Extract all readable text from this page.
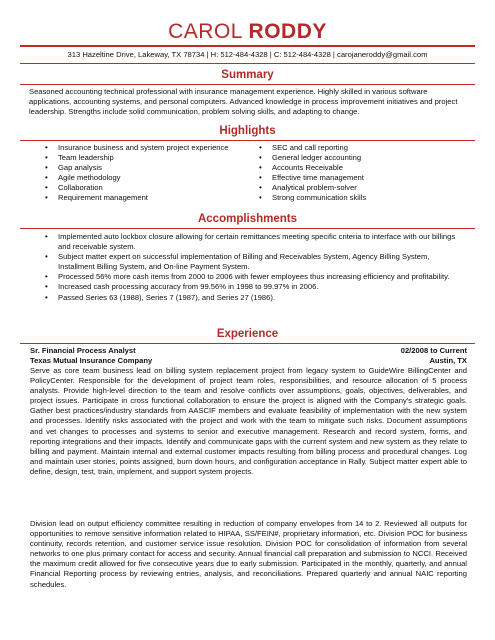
CAROL RODDY
313 Hazeltine Drive, Lakeway, TX 78734 | H: 512-484-4328 | C: 512-484-4328 | carojaneroddy@gmail.com
Summary
Seasoned accounting technical professional with insurance management experience. Highly skilled in various software applications, accounting systems, and personal computers. Advanced knowledge in process improvement initiatives and project leadership. Strengths include solid communication, problem solving skills, and adapting to change.
Highlights
• Insurance business and system project experience
• Team leadership
• Gap analysis
• Agile methodology
• Collaboration
• Requirement management
• SEC and call reporting
• General ledger accounting
• Accounts Receivable
• Effective time management
• Analytical problem-solver
• Strong communication skills
Accomplishments
• Implemented auto lockbox closure allowing for certain remittances meeting specific criteria to interface with our billings and receivable system.
• Subject matter expert on successful implementation of Billing and Receivables System, Agency Billing System, Installment Billing System, and On-line Payment System.
• Processed 56% more cash items from 2000 to 2006 with fewer employees thus increasing efficiency and profitability.
• Increased cash processing accuracy from 99.56% in 1998 to 99.97% in 2006.
• Passed Series 63 (1988), Series 7 (1987), and Series 27 (1986).
Experience
Sr. Financial Process Analyst	02/2008 to Current
Texas Mutual Insurance Company	Austin, TX
Serve as core team business lead on billing system replacement project from legacy system to GuideWire BillingCenter and PolicyCenter. Responsible for the development of project team roles, responsibilities, and resource allocation of 5 process analysts. Provide high-level direction to the team and resolve conflicts over assumptions, goals, objectives, deliverables, and project issues. Participate in cross functional collaboration to ensure the project is aligned with the Company's strategic goals. Gather best practices/industry standards from AASCIF members and evaluate feasibility of implementation with the new system and processes. Identify risks associated with the project and work with the team to mitigate such risks. Document assumptions and vet changes to processes and systems to senior and executive management. Research and record system, forms, and reporting integrations and their impacts. Identify and communicate gaps with the current system and new system as they relate to billing and payment. Maintain internal and external customer impacts resulting from billing process and procedural changes. Log and maintain user stories, points assigned, burn down hours, and configuration acceptance in Rally. Subject matter expert able to define, design, test, train, implement, and support system projects.
Division lead on output efficiency committee resulting in reduction of company envelopes from 14 to 2. Reviewed all outputs for opportunities to remove sensitive information related to HIPAA, SS/FEIN#, proprietary information, etc. Division POC for business continuity, records retention, and customer service issue resolution. Division POC for consolidation of information from several networks to one plus primary contact for access and security. Annual financial call preparation and submission to NCCI. Received the maximum credit allowed for five consecutive years due to early submission. Participated in the monthly, quarterly, and annual Financial Reporting process by reviewing entries, analysis, and reconciliations. Prepared quarterly and annual NAIC reporting schedules.
